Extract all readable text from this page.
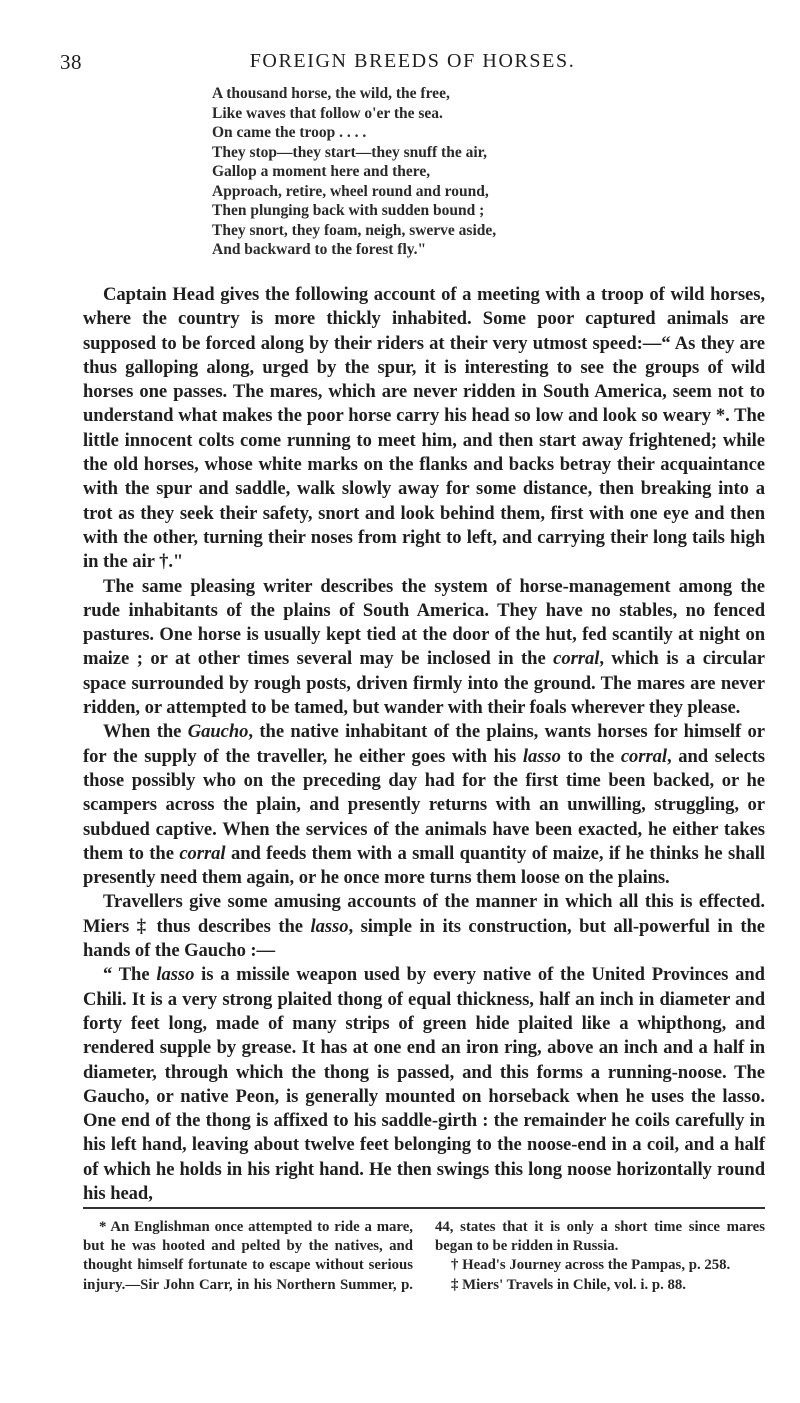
38	FOREIGN BREEDS OF HORSES.
A thousand horse, the wild, the free,
Like waves that follow o'er the sea.
On came the troop . . . .
They stop—they start—they snuff the air,
Gallop a moment here and there,
Approach, retire, wheel round and round,
Then plunging back with sudden bound ;
They snort, they foam, neigh, swerve aside,
And backward to the forest fly."

Captain Head gives the following account of a meeting with a troop of wild horses, where the country is more thickly inhabited. Some poor captured animals are supposed to be forced along by their riders at their very utmost speed:—“ As they are thus galloping along, urged by the spur, it is interesting to see the groups of wild horses one passes. The mares, which are never ridden in South America, seem not to understand what makes the poor horse carry his head so low and look so weary *. The little innocent colts come running to meet him, and then start away frightened; while the old horses, whose white marks on the flanks and backs betray their acquaintance with the spur and saddle, walk slowly away for some distance, then breaking into a trot as they seek their safety, snort and look behind them, first with one eye and then with the other, turning their noses from right to left, and carrying their long tails high in the air †."

The same pleasing writer describes the system of horse-management among the rude inhabitants of the plains of South America. They have no stables, no fenced pastures. One horse is usually kept tied at the door of the hut, fed scantily at night on maize ; or at other times several may be inclosed in the corral, which is a circular space surrounded by rough posts, driven firmly into the ground. The mares are never ridden, or attempted to be tamed, but wander with their foals wherever they please.

When the Gaucho, the native inhabitant of the plains, wants horses for himself or for the supply of the traveller, he either goes with his lasso to the corral, and selects those possibly who on the preceding day had for the first time been backed, or he scampers across the plain, and presently returns with an unwilling, struggling, or subdued captive. When the services of the animals have been exacted, he either takes them to the corral and feeds them with a small quantity of maize, if he thinks he shall presently need them again, or he once more turns them loose on the plains.

Travellers give some amusing accounts of the manner in which all this is effected. Miers ‡ thus describes the lasso, simple in its construction, but all-powerful in the hands of the Gaucho :—

“ The lasso is a missile weapon used by every native of the United Provinces and Chili. It is a very strong plaited thong of equal thickness, half an inch in diameter and forty feet long, made of many strips of green hide plaited like a whipthong, and rendered supple by grease. It has at one end an iron ring, above an inch and a half in diameter, through which the thong is passed, and this forms a running-noose. The Gaucho, or native Peon, is generally mounted on horseback when he uses the lasso. One end of the thong is affixed to his saddle-girth : the remainder he coils carefully in his left hand, leaving about twelve feet belonging to the noose-end in a coil, and a half of which he holds in his right hand. He then swings this long noose horizontally round his head,

* An Englishman once attempted to ride a mare, but he was hooted and pelted by the natives, and thought himself fortunate to escape without serious injury.—Sir John Carr, in his Northern Summer, p. 44, states that it is only a short time since mares began to be ridden in Russia.

† Head's Journey across the Pampas, p. 258.

‡ Miers' Travels in Chile, vol. i. p. 88.
